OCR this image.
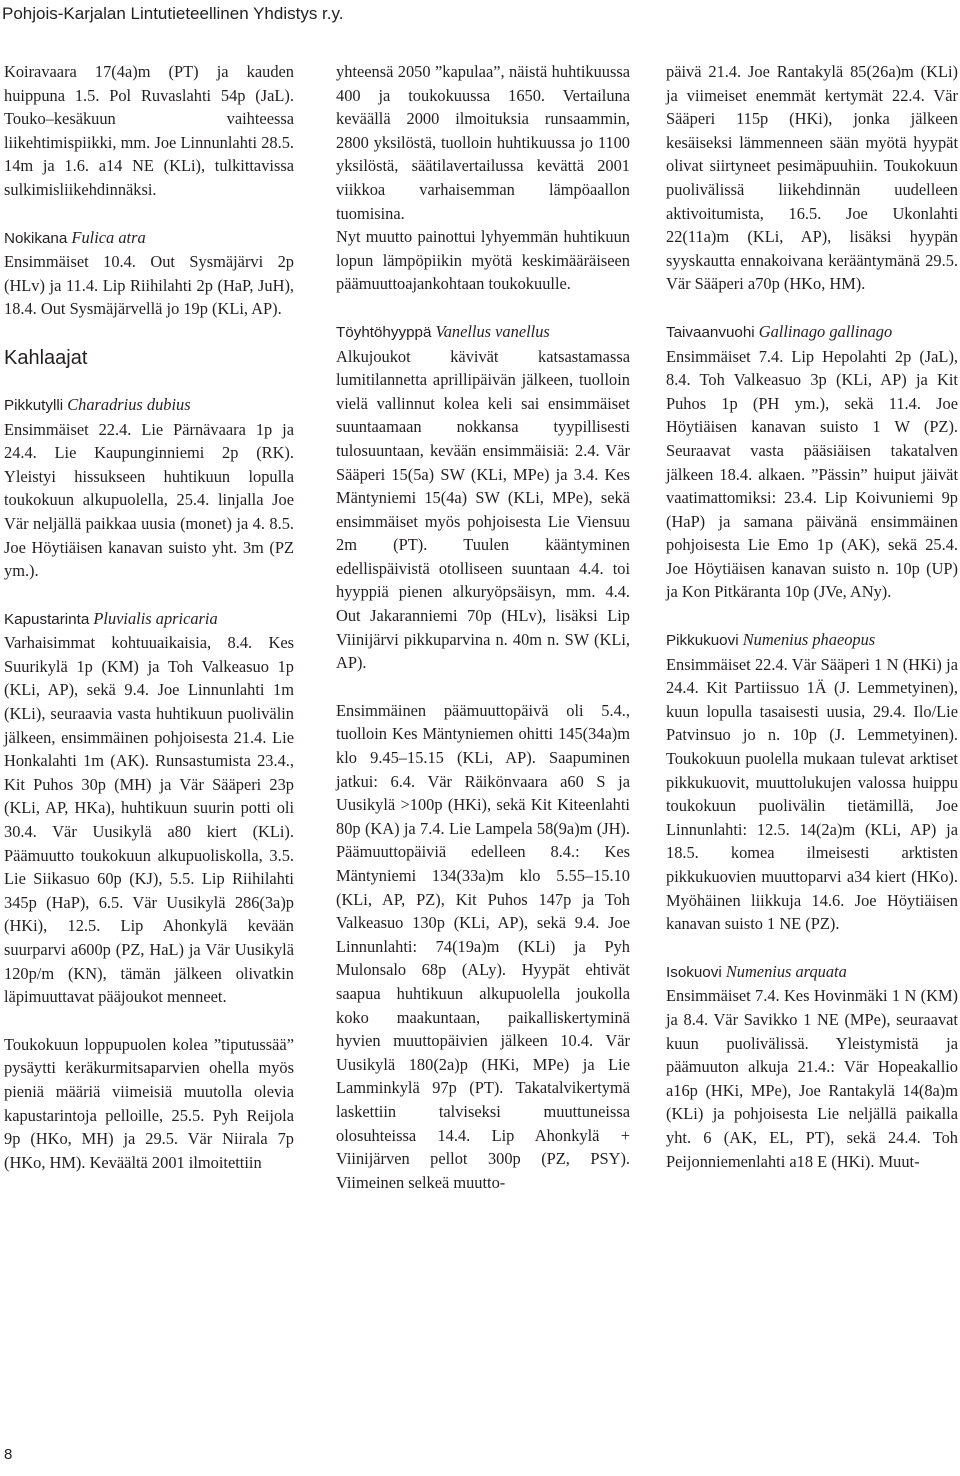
Pohjois-Karjalan Lintutieteellinen Yhdistys r.y.

Koiravaara 17(4a)m (PT) ja kauden huippuna 1.5. Pol Ruvaslahti 54p (JaL). Touko–kesäkuun vaihteessa liikehtimispiikki, mm. Joe Linnunlahti 28.5. 14m ja 1.6. a14 NE (KLi), tulkittavissa sulkimisliikehdinnäksi.

Nokikana Fulica atra
Ensimmäiset 10.4. Out Sysmäjärvi 2p (HLv) ja 11.4. Lip Riihilahti 2p (HaP, JuH), 18.4. Out Sysmäjärvellä jo 19p (KLi, AP).
Kahlaajat
Pikkutylli Charadrius dubius
Ensimmäiset 22.4. Lie Pärnävaara 1p ja 24.4. Lie Kaupunginniemi 2p (RK). Yleistyi hissukseen huhtikuun lopulla toukokuun alkupuolella, 25.4. linjalla Joe Vär neljällä paikkaa uusia (monet) ja 4. 8.5. Joe Höytiäisen kanavan suisto yht. 3m (PZ ym.).
Kapustarinta Pluvialis apricaria
Varhaisimmat kohtuuaikaisia, 8.4. Kes Suurikylä 1p (KM) ja Toh Valkeasuo 1p (KLi, AP), sekä 9.4. Joe Linnunlahti 1m (KLi), seuraavia vasta huhtikuun puolivälin jälkeen, ensimmäinen pohjoisesta 21.4. Lie Honkalahti 1m (AK). Runsastumista 23.4., Kit Puhos 30p (MH) ja Vär Sääperi 23p (KLi, AP, HKa), huhtikuun suurin potti oli 30.4. Vär Uusikylä a80 kiert (KLi). Päämuutto toukokuun alkupuoliskolla, 3.5. Lie Siikasuo 60p (KJ), 5.5. Lip Riihilahti 345p (HaP), 6.5. Vär Uusikylä 286(3a)p (HKi), 12.5. Lip Ahonkylä kevään suurparvi a600p (PZ, HaL) ja Vär Uusikylä 120p/m (KN), tämän jälkeen olivatkin läpimuuttavat pääjoukot menneet.

Toukokuun loppupuolen kolea ”tiputussää” pysäytti keräkurmitsaparvien ohella myös pieniä määriä viimeisiä muutolla olevia kapustarintoja pelloille, 25.5. Pyh Reijola 9p (HKo, MH) ja 29.5. Vär Niirala 7p (HKo, HM). Keväältä 2001 ilmoitettiin

yhteensä 2050 ”kapulaa”, näistä huhtikuussa 400 ja toukokuussa 1650. Vertailuna keväällä 2000 ilmoituksia runsaammin, 2800 yksilöstä, tuolloin huhtikuussa jo 1100 yksilöstä, säätilavertailussa kevättä 2001 viikkoa varhaisemman lämpöaallon tuomisina.

Nyt muutto painottui lyhyemmän huhtikuun lopun lämpöpiikin myötä keskimääräiseen päämuuttoajankohtaan toukokuulle.

Töyhtöhyyppä Vanellus vanellus
Alkujoukot kävivät katsastamassa lumitilannetta aprillipäivän jälkeen, tuolloin vielä vallinnut kolea keli sai ensimmäiset suuntaamaan nokkansa tyypillisesti tulosuuntaan, kevään ensimmäisiä: 2.4. Vär Sääperi 15(5a) SW (KLi, MPe) ja 3.4. Kes Mäntyniemi 15(4a) SW (KLi, MPe), sekä ensimmäiset myös pohjoisesta Lie Viensuu 2m (PT). Tuulen kääntyminen edellispäivistä otolliseen suuntaan 4.4. toi hyyppiä pienen alkuryöpsäisyn, mm. 4.4. Out Jakaranniemi 70p (HLv), lisäksi Lip Viinijärvi pikkuparvina n. 40m n. SW (KLi, AP).

Ensimmäinen päämuuttopäivä oli 5.4., tuolloin Kes Mäntyniemen ohitti 145(34a)m klo 9.45–15.15 (KLi, AP). Saapuminen jatkui: 6.4. Vär Räikönvaara a60 S ja Uusikylä >100p (HKi), sekä Kit Kiteenlahti 80p (KA) ja 7.4. Lie Lampela 58(9a)m (JH). Päämuuttopäiviä edelleen 8.4.: Kes Mäntyniemi 134(33a)m klo 5.55–15.10 (KLi, AP, PZ), Kit Puhos 147p ja Toh Valkeasuo 130p (KLi, AP), sekä 9.4. Joe Linnunlahti: 74(19a)m (KLi) ja Pyh Mulonsalo 68p (ALy). Hyypät ehtivät saapua huhtikuun alkupuolella joukolla koko maakuntaan, paikalliskertyminä hyvien muuttopäivien jälkeen 10.4. Vär Uusikylä 180(2a)p (HKi, MPe) ja Lie Lamminkylä 97p (PT). Takatalvikertymä laskettiin talviseksi muuttuneissa olosuhteissa 14.4. Lip Ahonkylä + Viinijärven pellot 300p (PZ, PSY). Viimeinen selkeä muutto-

päivä 21.4. Joe Rantakylä 85(26a)m (KLi) ja viimeiset enemmät kertymät 22.4. Vär Sääperi 115p (HKi), jonka jälkeen kesäiseksi lämmenneen sään myötä hyypät olivat siirtyneet pesimäpuuhiin. Toukokuun puolivälissä liikehdinnän uudelleen aktivoitumista, 16.5. Joe Ukonlahti 22(11a)m (KLi, AP), lisäksi hyypän syyskautta ennakoivana kerääntymänä 29.5. Vär Sääperi a70p (HKo, HM).

Taivaanvuohi Gallinago gallinago
Ensimmäiset 7.4. Lip Hepolahti 2p (JaL), 8.4. Toh Valkeasuo 3p (KLi, AP) ja Kit Puhos 1p (PH ym.), sekä 11.4. Joe Höytiäisen kanavan suisto 1 W (PZ). Seuraavat vasta pääsiäisen takatalven jälkeen 18.4. alkaen. ”Pässin” huiput jäivät vaatimattomiksi: 23.4. Lip Koivuniemi 9p (HaP) ja samana päivänä ensimmäinen pohjoisesta Lie Emo 1p (AK), sekä 25.4. Joe Höytiäisen kanavan suisto n. 10p (UP) ja Kon Pitkäranta 10p (JVe, ANy).
Pikkukuovi Numenius phaeopus
Ensimmäiset 22.4. Vär Sääperi 1 N (HKi) ja 24.4. Kit Partiissuo 1Ä (J. Lemmetyinen), kuun lopulla tasaisesti uusia, 29.4. Ilo/Lie Patvinsuo jo n. 10p (J. Lemmetyinen). Toukokuun puolella mukaan tulevat arktiset pikkukuovit, muuttolukujen valossa huippu toukokuun puolivälin tietämillä, Joe Linnunlahti: 12.5. 14(2a)m (KLi, AP) ja 18.5. komea ilmeisesti arktisten pikkukuovien muuttoparvi a34 kiert (HKo). Myöhäinen liikkuja 14.6. Joe Höytiäisen kanavan suisto 1 NE (PZ).
Isokuovi Numenius arquata
Ensimmäiset 7.4. Kes Hovinmäki 1 N (KM) ja 8.4. Vär Savikko 1 NE (MPe), seuraavat kuun puolivälissä. Yleistymistä ja päämuuton alkuja 21.4.: Vär Hopeakallio a16p (HKi, MPe), Joe Rantakylä 14(8a)m (KLi) ja pohjoisesta Lie neljällä paikalla yht. 6 (AK, EL, PT), sekä 24.4. Toh Peijonniemenlahti a18 E (HKi). Muut-
8
